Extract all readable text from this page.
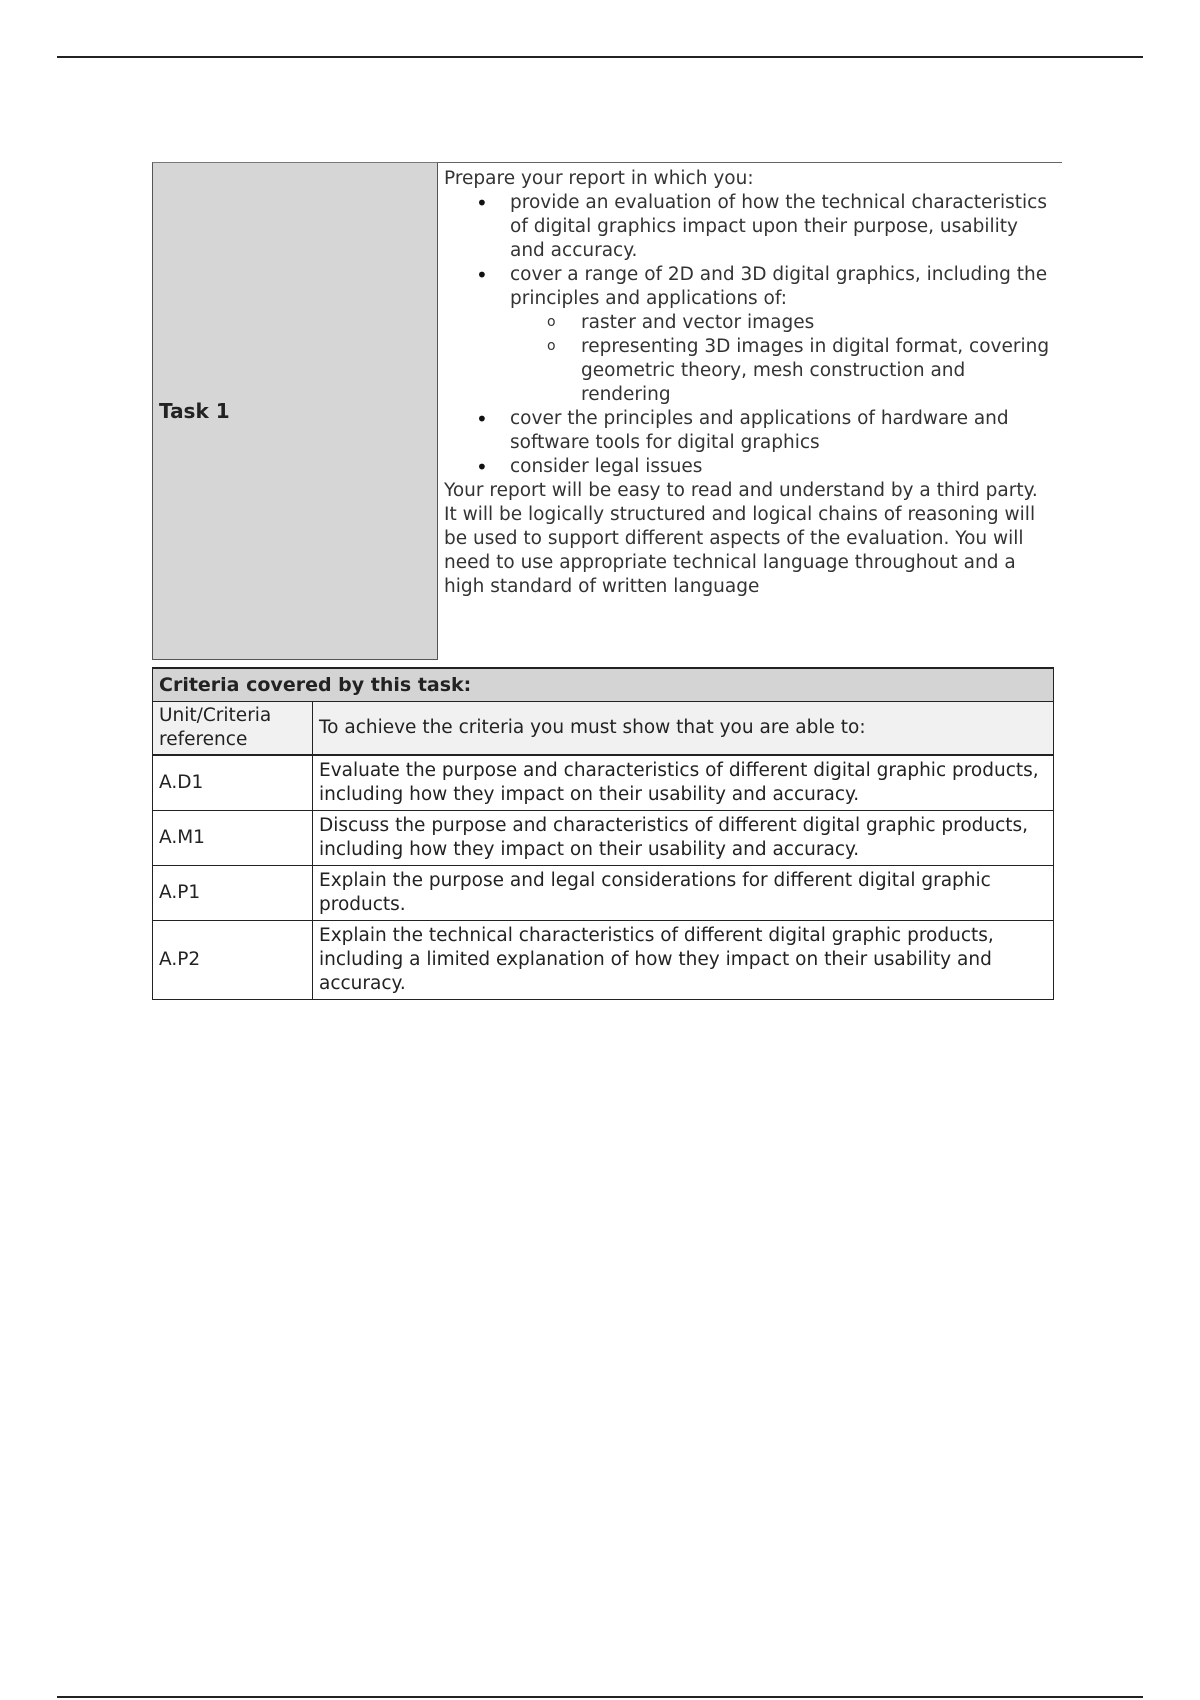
Task 1

Prepare your report in which you:

• provide an evaluation of how the technical characteristics of digital graphics impact upon their purpose, usability and accuracy.
• cover a range of 2D and 3D digital graphics, including the principles and applications of:
o raster and vector images
o representing 3D images in digital format, covering geometric theory, mesh construction and rendering
• cover the principles and applications of hardware and software tools for digital graphics
• consider legal issues

Your report will be easy to read and understand by a third party. It will be logically structured and logical chains of reasoning will be used to support different aspects of the evaluation. You will need to use appropriate technical language throughout and a high standard of written language

Criteria covered by this task:	
Unit/Criteria reference	To achieve the criteria you must show that you are able to:
A.D1	Evaluate the purpose and characteristics of different digital graphic products, including how they impact on their usability and accuracy.
A.M1	Discuss the purpose and characteristics of different digital graphic products, including how they impact on their usability and accuracy.
A.P1	Explain the purpose and legal considerations for different digital graphic products.
A.P2	Explain the technical characteristics of different digital graphic products, including a limited explanation of how they impact on their usability and accuracy.
